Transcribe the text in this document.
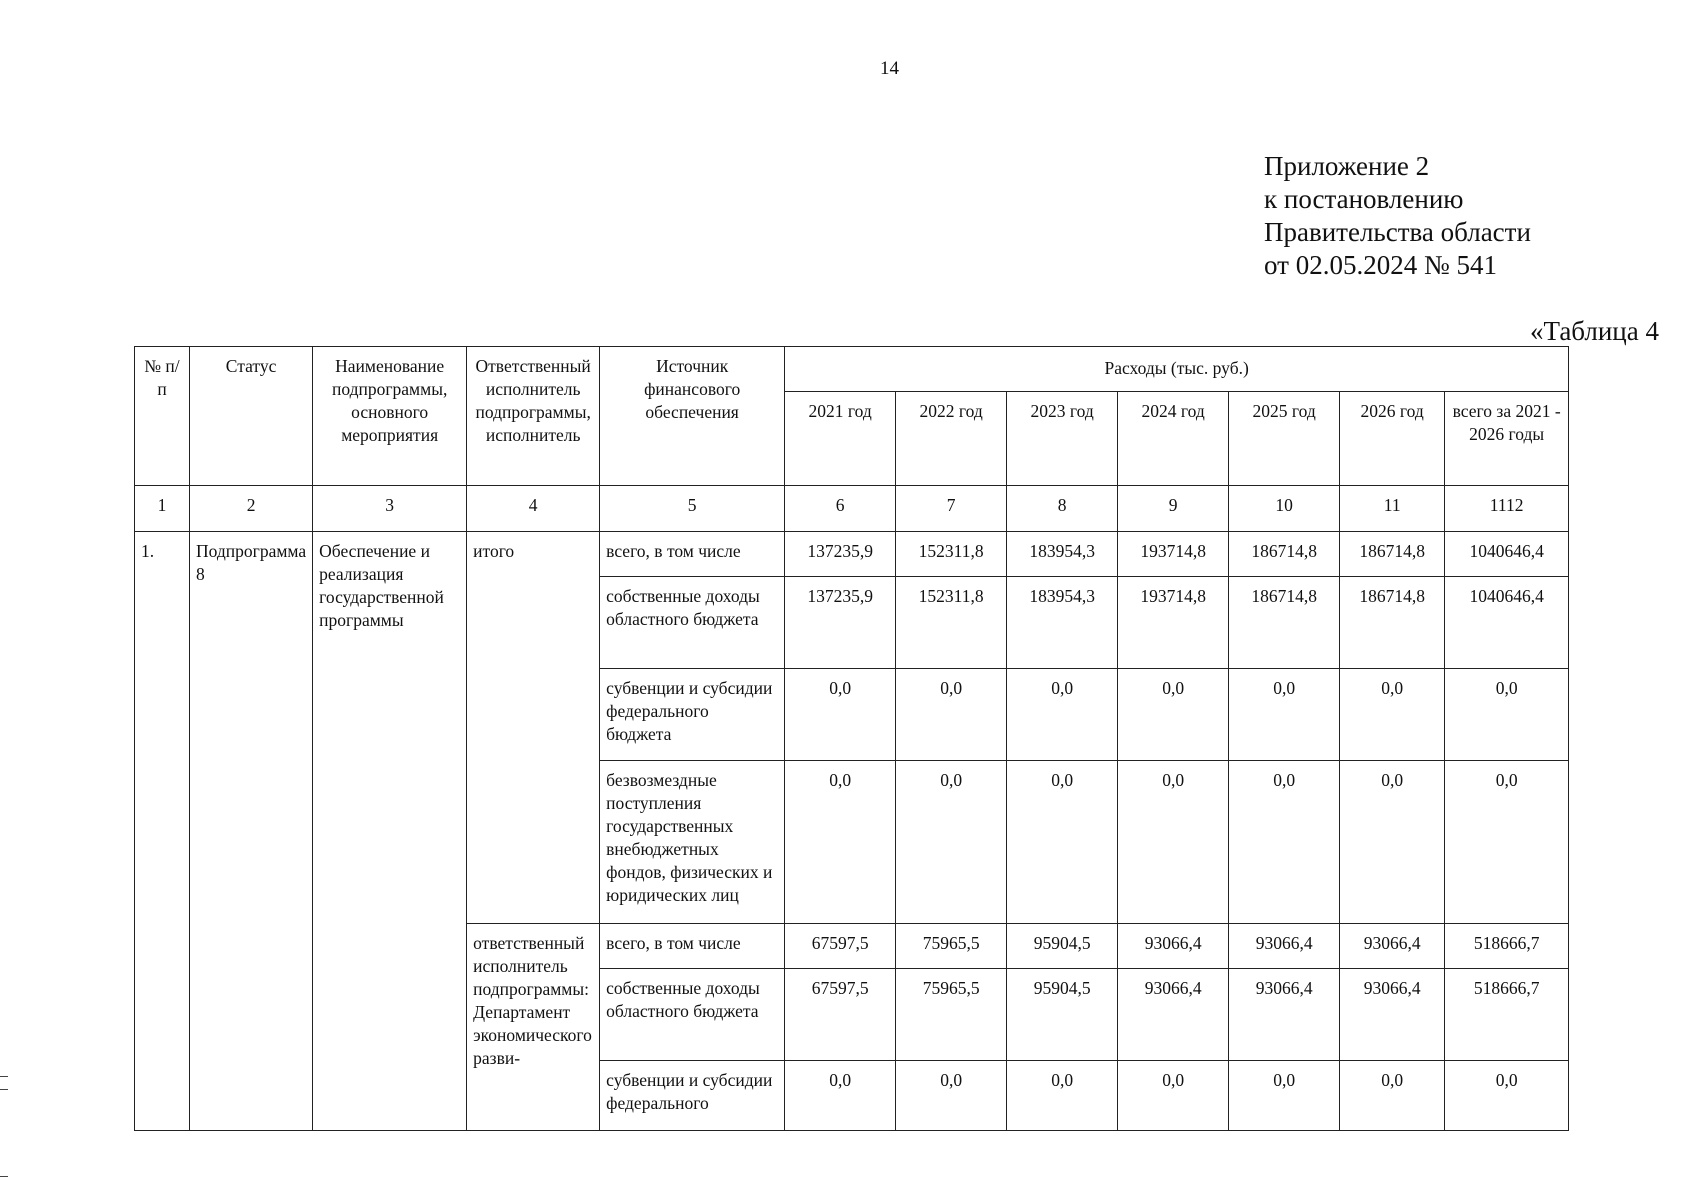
14
Приложение 2
к постановлению
Правительства области
от 02.05.2024 № 541
«Таблица 4
№ п/п	Статус	Наименование подпрограммы, основного мероприятия	Ответственный исполнитель подпрограммы, исполнитель	Источник финансового обеспечения	Расходы (тыс. руб.)						
					2021 год	2022 год	2023 год	2024 год	2025 год	2026 год	всего за 2021 - 2026 годы
1	2	3	4	5	6	7	8	9	10	11	1112
1.	Подпрограмма 8	Обеспечение и реализация государственной программы	итого	всего, в том числе	137235,9	152311,8	183954,3	193714,8	186714,8	186714,8	1040646,4
				собственные доходы областного бюджета	137235,9	152311,8	183954,3	193714,8	186714,8	186714,8	1040646,4
				субвенции и субсидии федерального бюджета	0,0	0,0	0,0	0,0	0,0	0,0	0,0
				безвозмездные поступления государственных внебюджетных фондов, физических и юридических лиц	0,0	0,0	0,0	0,0	0,0	0,0	0,0
			ответственный исполнитель подпрограммы: Департамент экономического разви-	всего, в том числе	67597,5	75965,5	95904,5	93066,4	93066,4	93066,4	518666,7
				собственные доходы областного бюджета	67597,5	75965,5	95904,5	93066,4	93066,4	93066,4	518666,7
				субвенции и субсидии федерального	0,0	0,0	0,0	0,0	0,0	0,0	0,0
